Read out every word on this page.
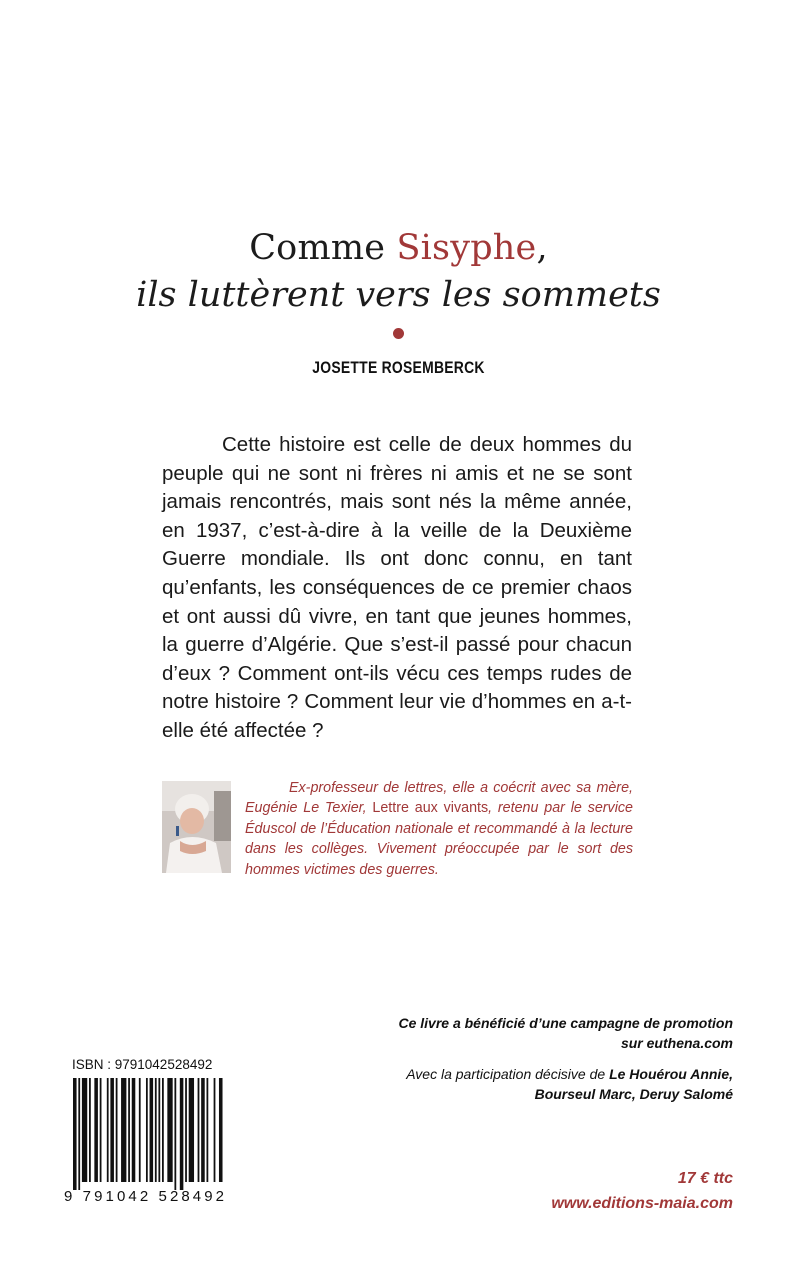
Comme Sisyphe,
ils luttèrent vers les sommets
JOSETTE ROSEMBERCK
Cette histoire est celle de deux hommes du peuple qui ne sont ni frères ni amis et ne se sont jamais rencontrés, mais sont nés la même année, en 1937, c’est-à-dire à la veille de la Deuxième Guerre mondiale. Ils ont donc connu, en tant qu’enfants, les conséquences de ce premier chaos et ont aussi dû vivre, en tant que jeunes hommes, la guerre d’Algérie. Que s’est-il passé pour chacun d’eux ? Comment ont-ils vécu ces temps rudes de notre histoire ? Comment leur vie d’hommes en a-t-elle été affectée ?
Ex-professeur de lettres, elle a coécrit avec sa mère, Eugénie Le Texier, Lettre aux vivants, retenu par le service Éduscol de l’Éducation nationale et recommandé à la lecture dans les collèges. Vivement préoccupée par le sort des hommes victimes des guerres.
ISBN : 9791042528492
9 791042 528492
Ce livre a bénéficié d’une campagne de promotion
sur euthena.com
Avec la participation décisive de Le Houérou Annie,
Bourseul Marc, Deruy Salomé
17 € ttc
www.editions-maia.com
